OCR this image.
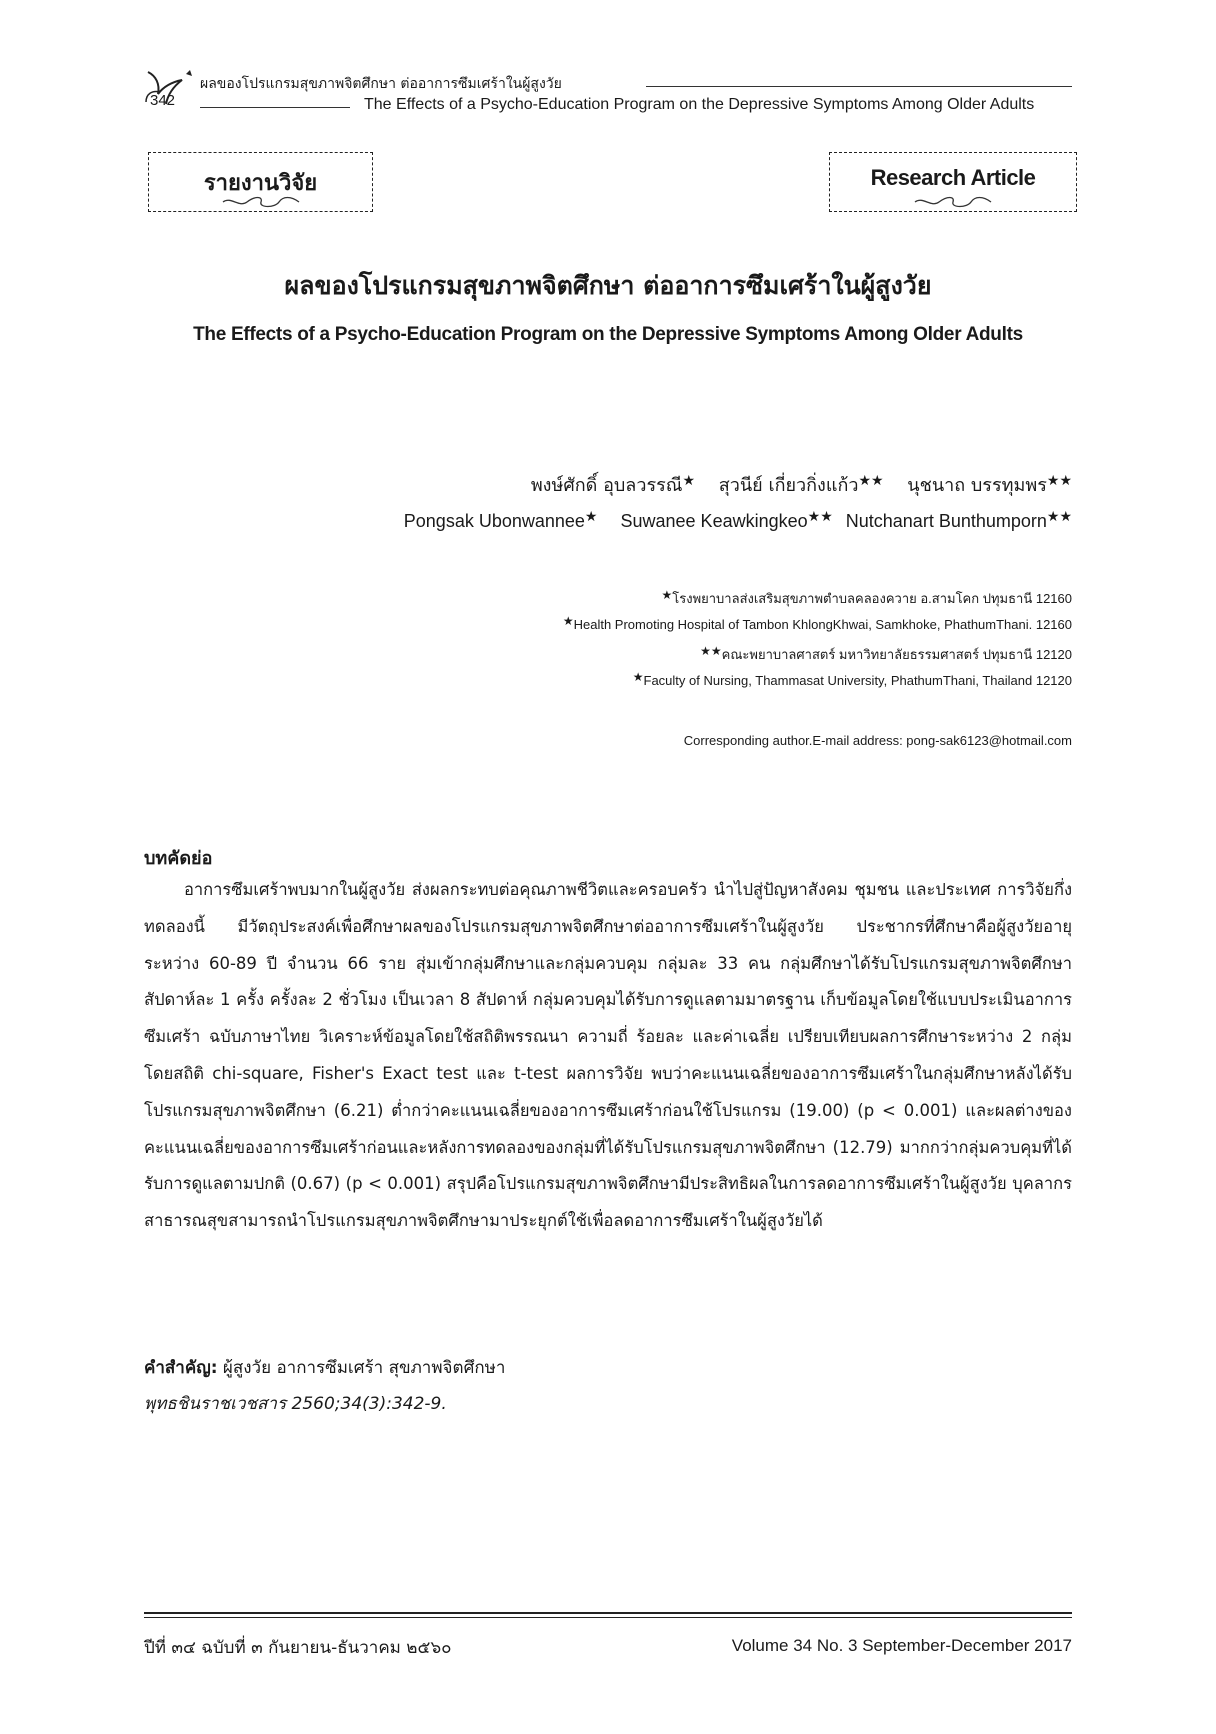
342
ผลของโปรแกรมสุขภาพจิตศึกษา ต่ออาการซึมเศร้าในผู้สูงวัย
The Effects of a Psycho-Education Program on the Depressive Symptoms Among Older Adults
รายงานวิจัย	Research Article
ผลของโปรแกรมสุขภาพจิตศึกษา ต่ออาการซึมเศร้าในผู้สูงวัย
The Effects of a Psycho-Education Program on the Depressive Symptoms Among Older Adults
พงษ์ศักดิ์ อุบลวรรณี★ สุวนีย์ เกี่ยวกิ่งแก้ว★★ นุชนาถ บรรทุมพร★★
Pongsak Ubonwannee★ Suwanee Keawkingkeo★★ Nutchanart Bunthumporn★★
★โรงพยาบาลส่งเสริมสุขภาพตำบลคลองควาย อ.สามโคก ปทุมธานี 12160
★Health Promoting Hospital of Tambon KhlongKhwai, Samkhoke, PhathumThani. 12160
★★คณะพยาบาลศาสตร์ มหาวิทยาลัยธรรมศาสตร์ ปทุมธานี 12120
★Faculty of Nursing, Thammasat University, PhathumThani, Thailand 12120
Corresponding author.E-mail address: pong-sak6123@hotmail.com
บทคัดย่อ

อาการซึมเศร้าพบมากในผู้สูงวัย ส่งผลกระทบต่อคุณภาพชีวิตและครอบครัว นำไปสู่ปัญหาสังคม ชุมชน และประเทศ การวิจัยกึ่งทดลองนี้ มีวัตถุประสงค์เพื่อศึกษาผลของโปรแกรมสุขภาพจิตศึกษาต่ออาการซึมเศร้าในผู้สูงวัย ประชากรที่ศึกษาคือผู้สูงวัยอายุระหว่าง 60-89 ปี จำนวน 66 ราย สุ่มเข้ากลุ่มศึกษาและกลุ่มควบคุม กลุ่มละ 33 คน กลุ่มศึกษาได้รับโปรแกรมสุขภาพจิตศึกษา สัปดาห์ละ 1 ครั้ง ครั้งละ 2 ชั่วโมง เป็นเวลา 8 สัปดาห์ กลุ่มควบคุมได้รับการดูแลตามมาตรฐาน เก็บข้อมูลโดยใช้แบบประเมินอาการซึมเศร้า ฉบับภาษาไทย วิเคราะห์ข้อมูลโดยใช้สถิติพรรณนา ความถี่ ร้อยละ และค่าเฉลี่ย เปรียบเทียบผลการศึกษาระหว่าง 2 กลุ่มโดยสถิติ chi-square, Fisher's Exact test และ t-test ผลการวิจัย พบว่าคะแนนเฉลี่ยของอาการซึมเศร้าในกลุ่มศึกษาหลังได้รับโปรแกรมสุขภาพจิตศึกษา (6.21) ต่ำกว่าคะแนนเฉลี่ยของอาการซึมเศร้าก่อนใช้โปรแกรม (19.00) (p < 0.001) และผลต่างของคะแนนเฉลี่ยของอาการซึมเศร้าก่อนและหลังการทดลองของกลุ่มที่ได้รับโปรแกรมสุขภาพจิตศึกษา (12.79) มากกว่ากลุ่มควบคุมที่ได้รับการดูแลตามปกติ (0.67) (p < 0.001) สรุปคือโปรแกรมสุขภาพจิตศึกษามีประสิทธิผลในการลดอาการซึมเศร้าในผู้สูงวัย บุคลากรสาธารณสุขสามารถนำโปรแกรมสุขภาพจิตศึกษามาประยุกต์ใช้เพื่อลดอาการซึมเศร้าในผู้สูงวัยได้

คำสำคัญ: ผู้สูงวัย อาการซึมเศร้า สุขภาพจิตศึกษา
พุทธชินราชเวชสาร 2560;34(3):342-9.
ปีที่ ๓๔ ฉบับที่ ๓ กันยายน-ธันวาคม ๒๕๖๐	Volume 34 No. 3 September-December 2017
